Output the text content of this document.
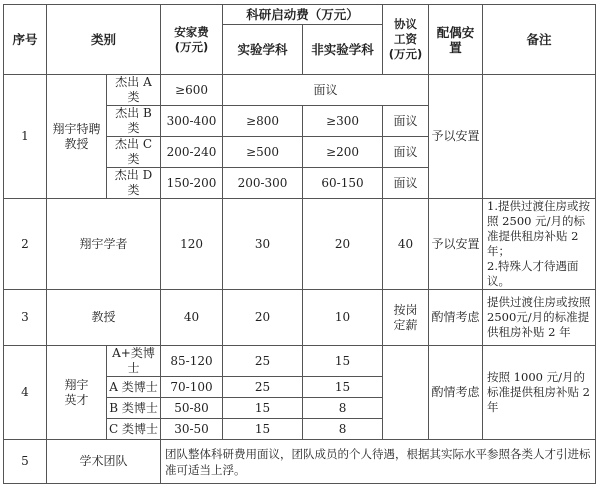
序号	类别		安家费
(万元)	科研启动费（万元）		协议
工资
(万元)	配偶安置	备注
				实验学科	非实验学科			
1	翔宇特聘
教授	杰出 A 类	≥600	面议			予以安置	
		杰出 B 类	300-400	≥800	≥300	面议		
		杰出 C 类	200-240	≥500	≥200	面议		
		杰出 D 类	150-200	200-300	60-150	面议		
2	翔宇学者		120	30	20	40	予以安置	1.提供过渡住房或按照 2500 元/月的标准提供租房补贴 2 年；
2.特殊人才待遇面议。
3	教授		40	20	10	按岗
定薪	酌情考虑	提供过渡住房或按照 2500元/月的标准提供租房补贴 2 年
4	翔宇
英才	A+类博士	85-120	25	15		酌情考虑	按照 1000 元/月的标准提供租房补贴 2 年
		A 类博士	70-100	25	15			
		B 类博士	50-80	15	8			
		C 类博士	30-50	15	8			
5	学术团队		团队整体科研费用面议，团队成员的个人待遇，根据其实际水平参照各类人才引进标准可适当上浮。					
